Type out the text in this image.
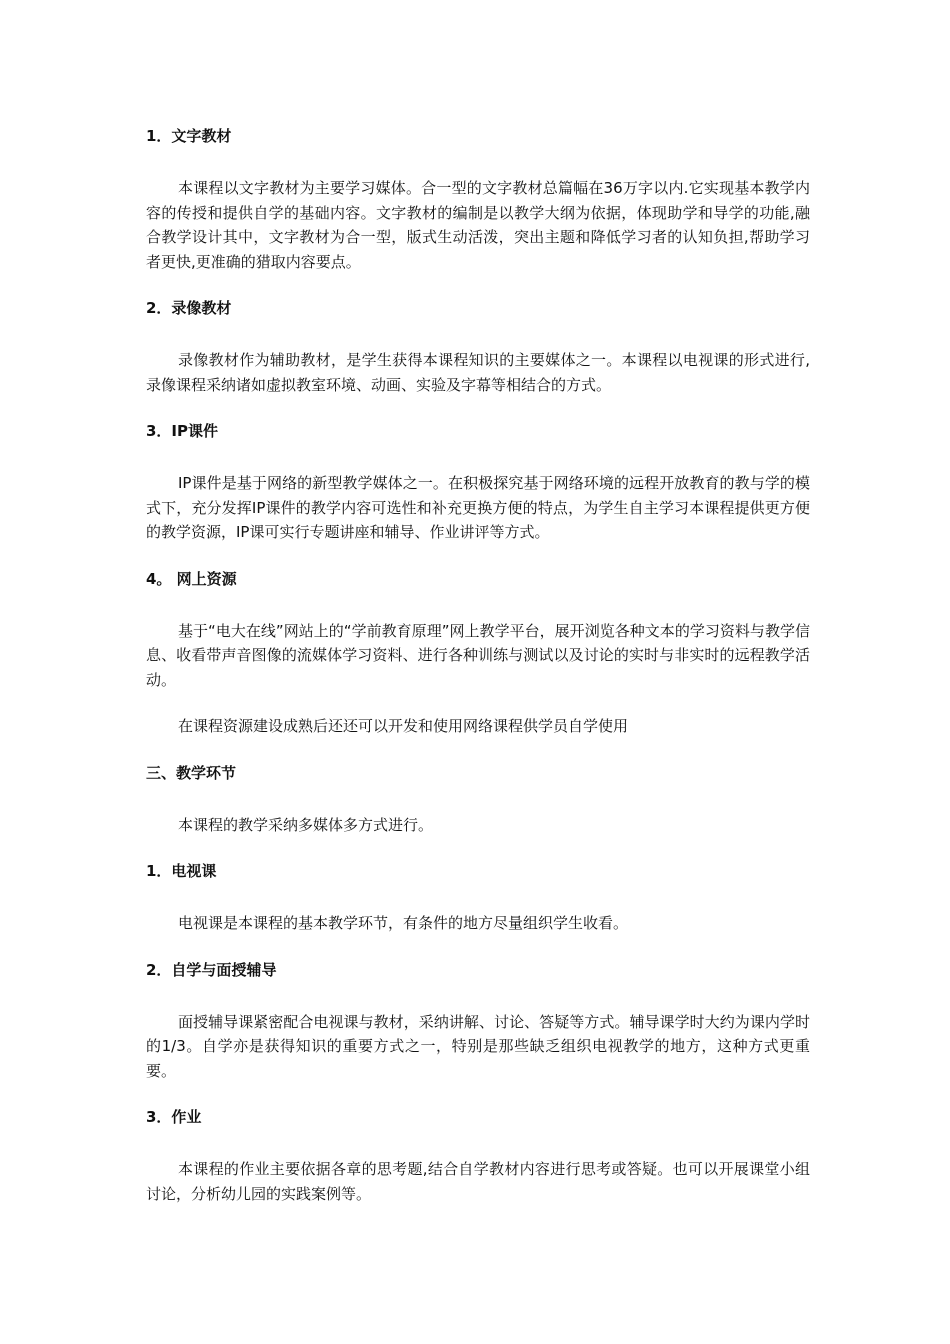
1．文字教材

本课程以文字教材为主要学习媒体。合一型的文字教材总篇幅在36万字以内.它实现基本教学内容的传授和提供自学的基础内容。文字教材的编制是以教学大纲为依据，体现助学和导学的功能,融合教学设计其中，文字教材为合一型，版式生动活泼，突出主题和降低学习者的认知负担,帮助学习者更快,更准确的猎取内容要点。

2．录像教材

录像教材作为辅助教材，是学生获得本课程知识的主要媒体之一。本课程以电视课的形式进行,录像课程采纳诸如虚拟教室环境、动画、实验及字幕等相结合的方式。

3．IP课件

IP课件是基于网络的新型教学媒体之一。在积极探究基于网络环境的远程开放教育的教与学的模式下，充分发挥IP课件的教学内容可选性和补充更换方便的特点，为学生自主学习本课程提供更方便的教学资源，IP课可实行专题讲座和辅导、作业讲评等方式。

4。 网上资源

基于“电大在线”网站上的“学前教育原理”网上教学平台，展开浏览各种文本的学习资料与教学信息、收看带声音图像的流媒体学习资料、进行各种训练与测试以及讨论的实时与非实时的远程教学活动。

在课程资源建设成熟后还还可以开发和使用网络课程供学员自学使用

三、教学环节

本课程的教学采纳多媒体多方式进行。

1．电视课

电视课是本课程的基本教学环节，有条件的地方尽量组织学生收看。

2．自学与面授辅导

面授辅导课紧密配合电视课与教材，采纳讲解、讨论、答疑等方式。辅导课学时大约为课内学时的1/3。自学亦是获得知识的重要方式之一，特别是那些缺乏组织电视教学的地方，这种方式更重要。

3．作业

本课程的作业主要依据各章的思考题,结合自学教材内容进行思考或答疑。也可以开展课堂小组讨论，分析幼儿园的实践案例等。
